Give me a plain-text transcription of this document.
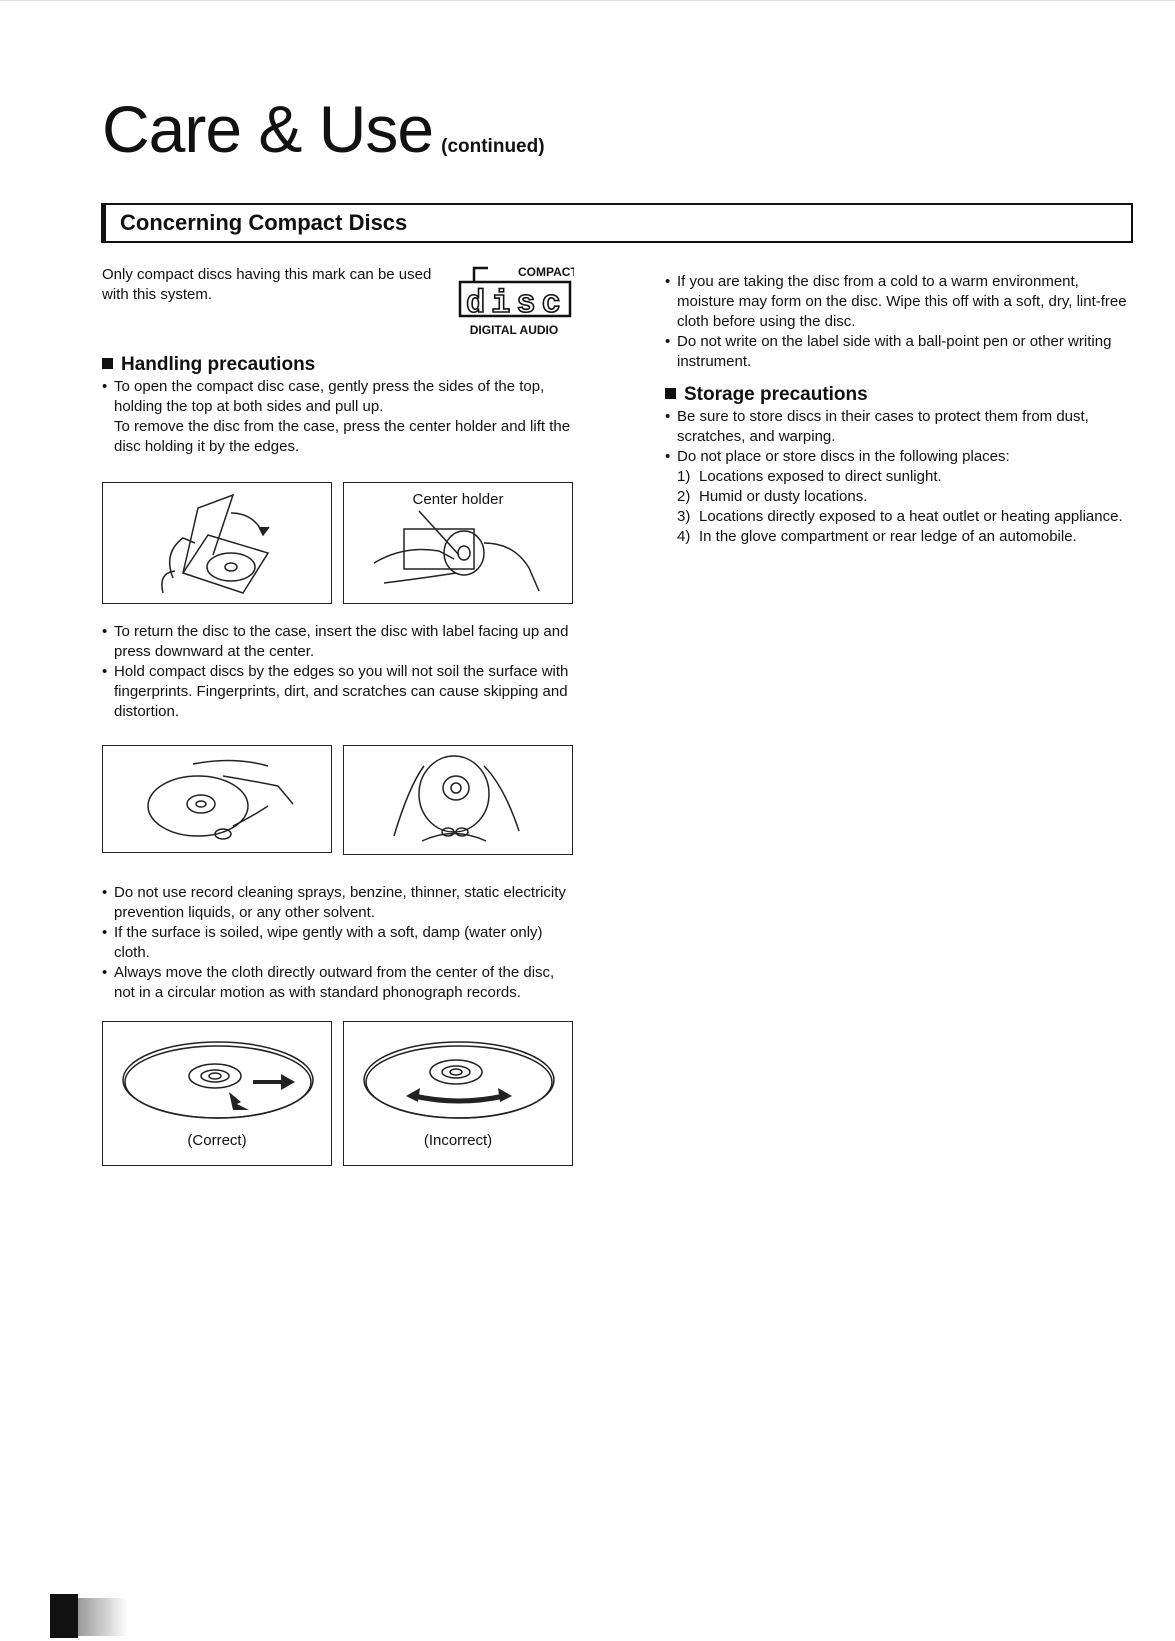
Care & Use (continued)
Concerning Compact Discs
Only compact discs having this mark can be used with this system.
COMPACT
disc
DIGITAL AUDIO
Handling precautions
• To open the compact disc case, gently press the sides of the top, holding the top at both sides and pull up.

To remove the disc from the case, press the center holder and lift the disc holding it by the edges.

Center holder
• To return the disc to the case, insert the disc with label facing up and press downward at the center.
• Hold compact discs by the edges so you will not soil the surface with fingerprints. Fingerprints, dirt, and scratches can cause skipping and distortion.
• Do not use record cleaning sprays, benzine, thinner, static electricity prevention liquids, or any other solvent.
• If the surface is soiled, wipe gently with a soft, damp (water only) cloth.
• Always move the cloth directly outward from the center of the disc, not in a circular motion as with standard phonograph records.
(Correct)	(Incorrect)
• If you are taking the disc from a cold to a warm environment, moisture may form on the disc. Wipe this off with a soft, dry, lint-free cloth before using the disc.
• Do not write on the label side with a ball-point pen or other writing instrument.
Storage precautions
• Be sure to store discs in their cases to protect them from dust, scratches, and warping.
• Do not place or store discs in the following places:
1) Locations exposed to direct sunlight.
2) Humid or dusty locations.
3) Locations directly exposed to a heat outlet or heating appliance.
4) In the glove compartment or rear ledge of an automobile.
